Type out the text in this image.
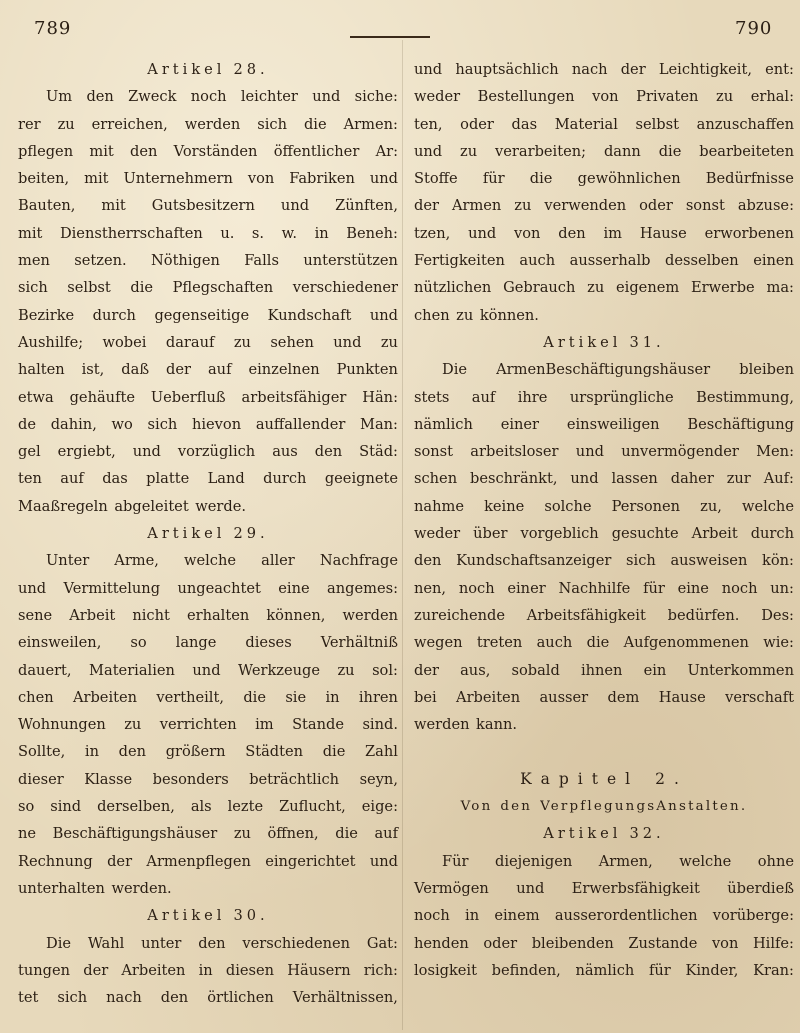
789	790
Artikel 28.
Um den Zweck noch leichter und siche:
rer zu erreichen, werden sich die Armen:
pflegen mit den Vorständen öffentlicher Ar:
beiten, mit Unternehmern von Fabriken und
Bauten, mit Gutsbesitzern und Zünften,
mit Dienstherrschaften u. s. w. in Beneh:
men setzen. Nöthigen Falls unterstützen
sich selbst die Pflegschaften verschiedener
Bezirke durch gegenseitige Kundschaft und
Aushilfe; wobei darauf zu sehen und zu
halten ist, daß der auf einzelnen Punkten
etwa gehäufte Ueberfluß arbeitsfähiger Hän:
de dahin, wo sich hievon auffallender Man:
gel ergiebt, und vorzüglich aus den Städ:
ten auf das platte Land durch geeignete
Maaßregeln abgeleitet werde.
Artikel 29.
Unter Arme, welche aller Nachfrage
und Vermittelung ungeachtet eine angemes:
sene Arbeit nicht erhalten können, werden
einsweilen, so lange dieses Verhältniß
dauert, Materialien und Werkzeuge zu sol:
chen Arbeiten vertheilt, die sie in ihren
Wohnungen zu verrichten im Stande sind.
Sollte, in den größern Städten die Zahl
dieser Klasse besonders beträchtlich seyn,
so sind derselben, als lezte Zuflucht, eige:
ne Beschäftigungshäuser zu öffnen, die auf
Rechnung der Armenpflegen eingerichtet und
unterhalten werden.
Artikel 30.
Die Wahl unter den verschiedenen Gat:
tungen der Arbeiten in diesen Häusern rich:
tet sich nach den örtlichen Verhältnissen,
und hauptsächlich nach der Leichtigkeit, ent:
weder Bestellungen von Privaten zu erhal:
ten, oder das Material selbst anzuschaffen
und zu verarbeiten; dann die bearbeiteten
Stoffe für die gewöhnlichen Bedürfnisse
der Armen zu verwenden oder sonst abzuse:
tzen, und von den im Hause erworbenen
Fertigkeiten auch ausserhalb desselben einen
nützlichen Gebrauch zu eigenem Erwerbe ma:
chen zu können.
Artikel 31.
Die ArmenBeschäftigungshäuser bleiben
stets auf ihre ursprüngliche Bestimmung,
nämlich einer einsweiligen Beschäftigung
sonst arbeitsloser und unvermögender Men:
schen beschränkt, und lassen daher zur Auf:
nahme keine solche Personen zu, welche
weder über vorgeblich gesuchte Arbeit durch
den Kundschaftsanzeiger sich ausweisen kön:
nen, noch einer Nachhilfe für eine noch un:
zureichende Arbeitsfähigkeit bedürfen. Des:
wegen treten auch die Aufgenommenen wie:
der aus, sobald ihnen ein Unterkommen
bei Arbeiten ausser dem Hause verschaft
werden kann.
Kapitel 2.
Von den VerpflegungsAnstalten.
Artikel 32.
Für diejenigen Armen, welche ohne
Vermögen und Erwerbsfähigkeit überdieß
noch in einem ausserordentlichen vorüberge:
henden oder bleibenden Zustande von Hilfe:
losigkeit befinden, nämlich für Kinder, Kran:
